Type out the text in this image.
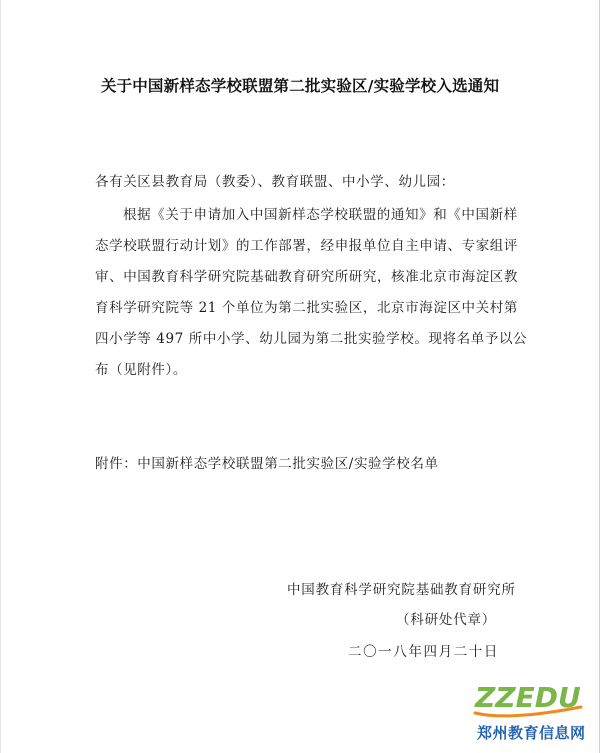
关于中国新样态学校联盟第二批实验区/实验学校入选通知
各有关区县教育局（教委）、教育联盟、中小学、幼儿园：
根据《关于申请加入中国新样态学校联盟的通知》和《中国新样
态学校联盟行动计划》的工作部署，经申报单位自主申请、专家组评
审、中国教育科学研究院基础教育研究所研究，核准北京市海淀区教
育科学研究院等 21 个单位为第二批实验区，北京市海淀区中关村第
四小学等 497 所中小学、幼儿园为第二批实验学校。现将名单予以公
布（见附件）。
附件：中国新样态学校联盟第二批实验区/实验学校名单
中国教育科学研究院基础教育研究所
（科研处代章）
二〇一八年四月二十日
ZZEDU
郑州教育信息网
